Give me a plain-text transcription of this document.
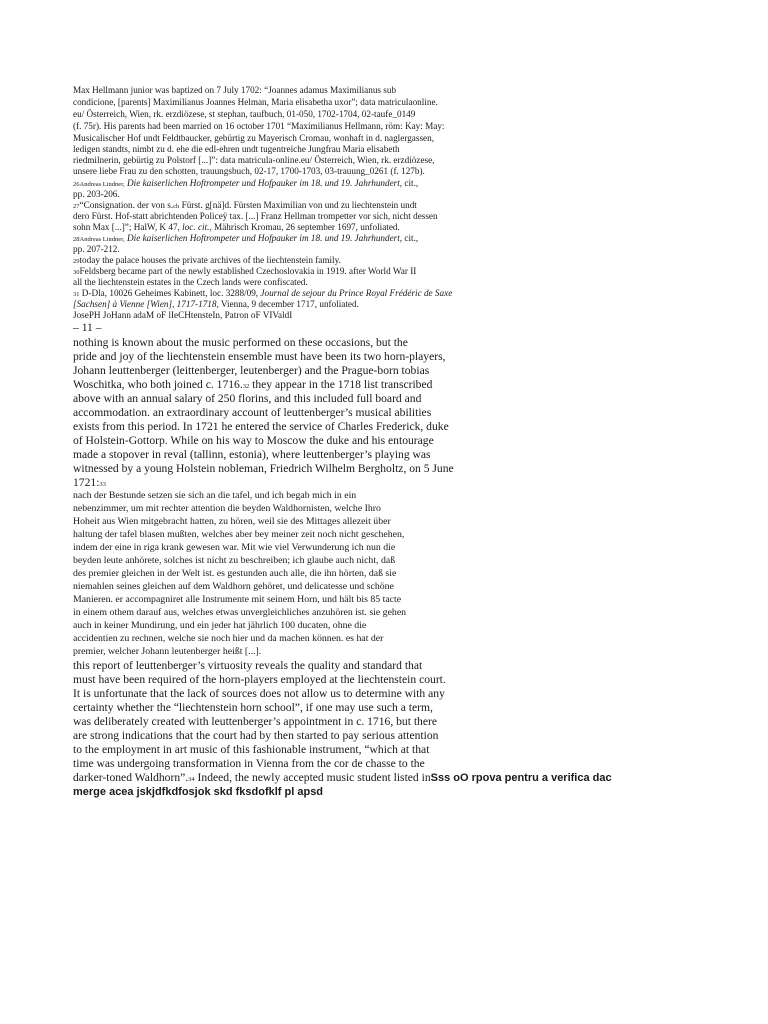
Max Hellmann junior was baptized on 7 July 1702: “Joannes adamus Maximilianus sub
condicione, [parents] Maximilianus Joannes Helman, Maria elisabetha uxor”; data matriculaonline.
eu/ Österreich, Wien, rk. erzdiözese, st stephan, taufbuch, 01-050, 1702-1704, 02-taufe_0149
(f. 75r). His parents had been married on 16 october 1701 “Maximilianus Hellmann, röm: Kay: May:
Musicalischer Hof undt Feldtbaucker, gebürtig zu Mayerisch Cromau, wonhaft in d. naglergassen,
ledigen standts, nimbt zu d. ehe die edl-ehren undt tugentreiche Jungfrau Maria elisabeth
riedmilnerin, gebürtig zu Polstorf [...]”: data matricula-online.eu/ Österreich, Wien, rk. erzdiözese,
unsere liebe Frau zu den schotten, trauungsbuch, 02-17, 1700-1703, 03-trauung_0261 (f. 127b).
26Andreas Lindner, Die kaiserlichen Hoftrompeter und Hofpauker im 18. und 19. Jahrhundert, cit.,
pp. 203-206.
27“Consignation. der von s.ch Fürst. g[nä]d. Fürsten Maximilian von und zu liechtenstein undt
dero Fürst. Hof-statt abrichtenden Policeÿ tax. [...] Franz Hellman trompetter vor sich, nicht dessen
sohn Max [...]”; HalW, K 47, loc. cit., Mährisch Kromau, 26 september 1697, unfoliated.
28Andreas Lindner, Die kaiserlichen Hoftrompeter und Hofpauker im 18. und 19. Jahrhundert, cit.,
pp. 207-212.
29today the palace houses the private archives of the liechtenstein family.
30Feldsberg became part of the newly established Czechoslovakia in 1919. after World War II
all the liechtenstein estates in the Czech lands were confiscated.
31 D-Dla, 10026 Geheimes Kabinett, loc. 3288/09, Journal de sejour du Prince Royal Frédéric de Saxe
[Sachsen] à Vienne [Wien], 1717-1718, Vienna, 9 december 1717, unfoliated.
JosePH JoHann adaM oF lIeCHtensteIn, Patron oF VIValdI
– 11 –
nothing is known about the music performed on these occasions, but the
pride and joy of the liechtenstein ensemble must have been its two horn-players,
Johann leuttenberger (leittenberger, leutenberger) and the Prague-born tobias
Woschitka, who both joined c. 1716.32 they appear in the 1718 list transcribed
above with an annual salary of 250 florins, and this included full board and
accommodation. an extraordinary account of leuttenberger’s musical abilities
exists from this period. In 1721 he entered the service of Charles Frederick, duke
of Holstein-Gottorp. While on his way to Moscow the duke and his entourage
made a stopover in reval (tallinn, estonia), where leuttenberger’s playing was
witnessed by a young Holstein nobleman, Friedrich Wilhelm Bergholtz, on 5 June
1721:33
nach der Bestunde setzen sie sich an die tafel, und ich begab mich in ein
nebenzimmer, um mit rechter attention die beyden Waldhornisten, welche Ihro
Hoheit aus Wien mitgebracht hatten, zu hören, weil sie des Mittages allezeit über
haltung der tafel blasen mußten, welches aber bey meiner zeit noch nicht geschehen,
indem der eine in riga krank gewesen war. Mit wie viel Verwunderung ich nun die
beyden leute anhörete, solches ist nicht zu beschreiben; ich glaube auch nicht, daß
des premier gleichen in der Welt ist. es gestunden auch alle, die ihn hörten, daß sie
niemahlen seines gleichen auf dem Waldhorn gehöret, und delicatesse und schöne
Manieren. er accompagniret alle Instrumente mit seinem Horn, und hält bis 85 tacte
in einem othem darauf aus, welches etwas unvergleichliches anzuhören ist. sie gehen
auch in keiner Mundirung, und ein jeder hat jährlich 100 ducaten, ohne die
accidentien zu rechnen, welche sie noch hier und da machen können. es hat der
premier, welcher Johann leutenberger heißt [...].
this report of leuttenberger’s virtuosity reveals the quality and standard that
must have been required of the horn-players employed at the liechtenstein court.
It is unfortunate that the lack of sources does not allow us to determine with any
certainty whether the “liechtenstein horn school”, if one may use such a term,
was deliberately created with leuttenberger’s appointment in c. 1716, but there
are strong indications that the court had by then started to pay serious attention
to the employment in art music of this fashionable instrument, “which at that
time was undergoing transformation in Vienna from the cor de chasse to the
darker-toned Waldhorn”.34 Indeed, the newly accepted music student listed inSss oO rpova pentru a verifica dac
merge acea jskjdfkdfosjok skd fksdofklf pl apsd
